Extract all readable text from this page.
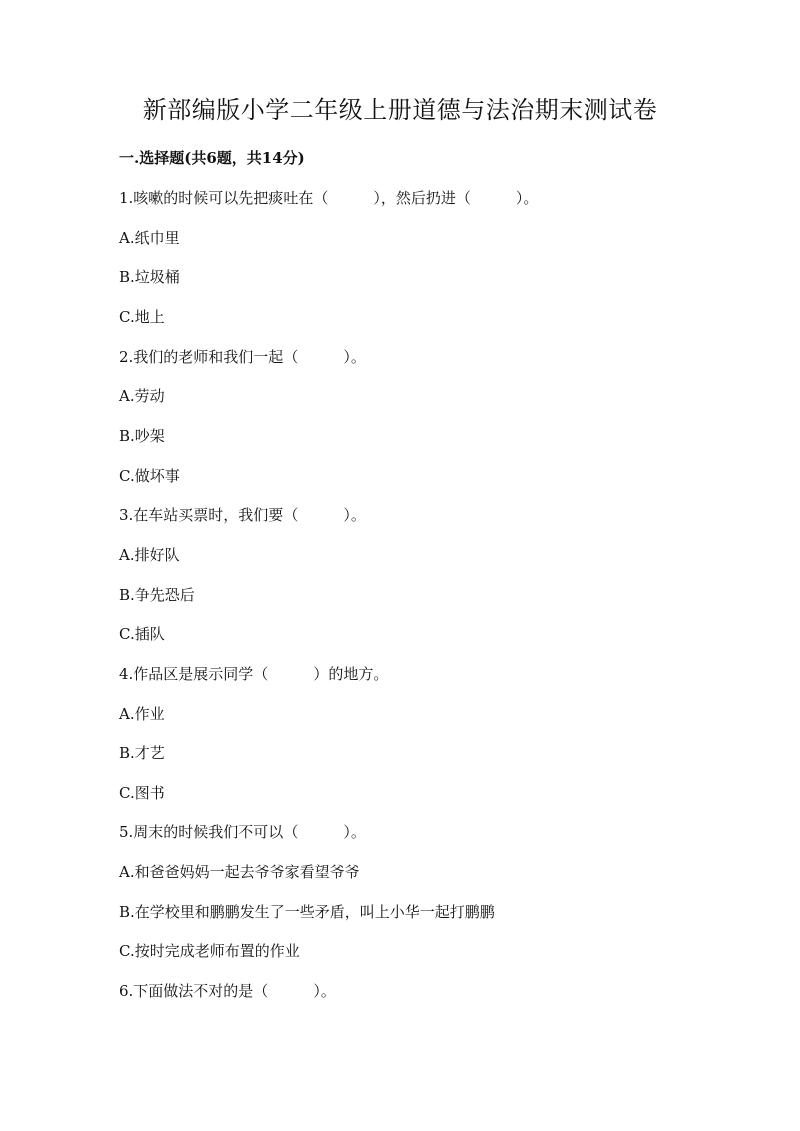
新部编版小学二年级上册道德与法治期末测试卷
一.选择题(共6题，共14分)
1.咳嗽的时候可以先把痰吐在（　　　），然后扔进（　　　）。
A.纸巾里
B.垃圾桶
C.地上
2.我们的老师和我们一起（　　　）。
A.劳动
B.吵架
C.做坏事
3.在车站买票时，我们要（　　　）。
A.排好队
B.争先恐后
C.插队
4.作品区是展示同学（　　　）的地方。
A.作业
B.才艺
C.图书
5.周末的时候我们不可以（　　　）。
A.和爸爸妈妈一起去爷爷家看望爷爷
B.在学校里和鹏鹏发生了一些矛盾，叫上小华一起打鹏鹏
C.按时完成老师布置的作业
6.下面做法不对的是（　　　）。
